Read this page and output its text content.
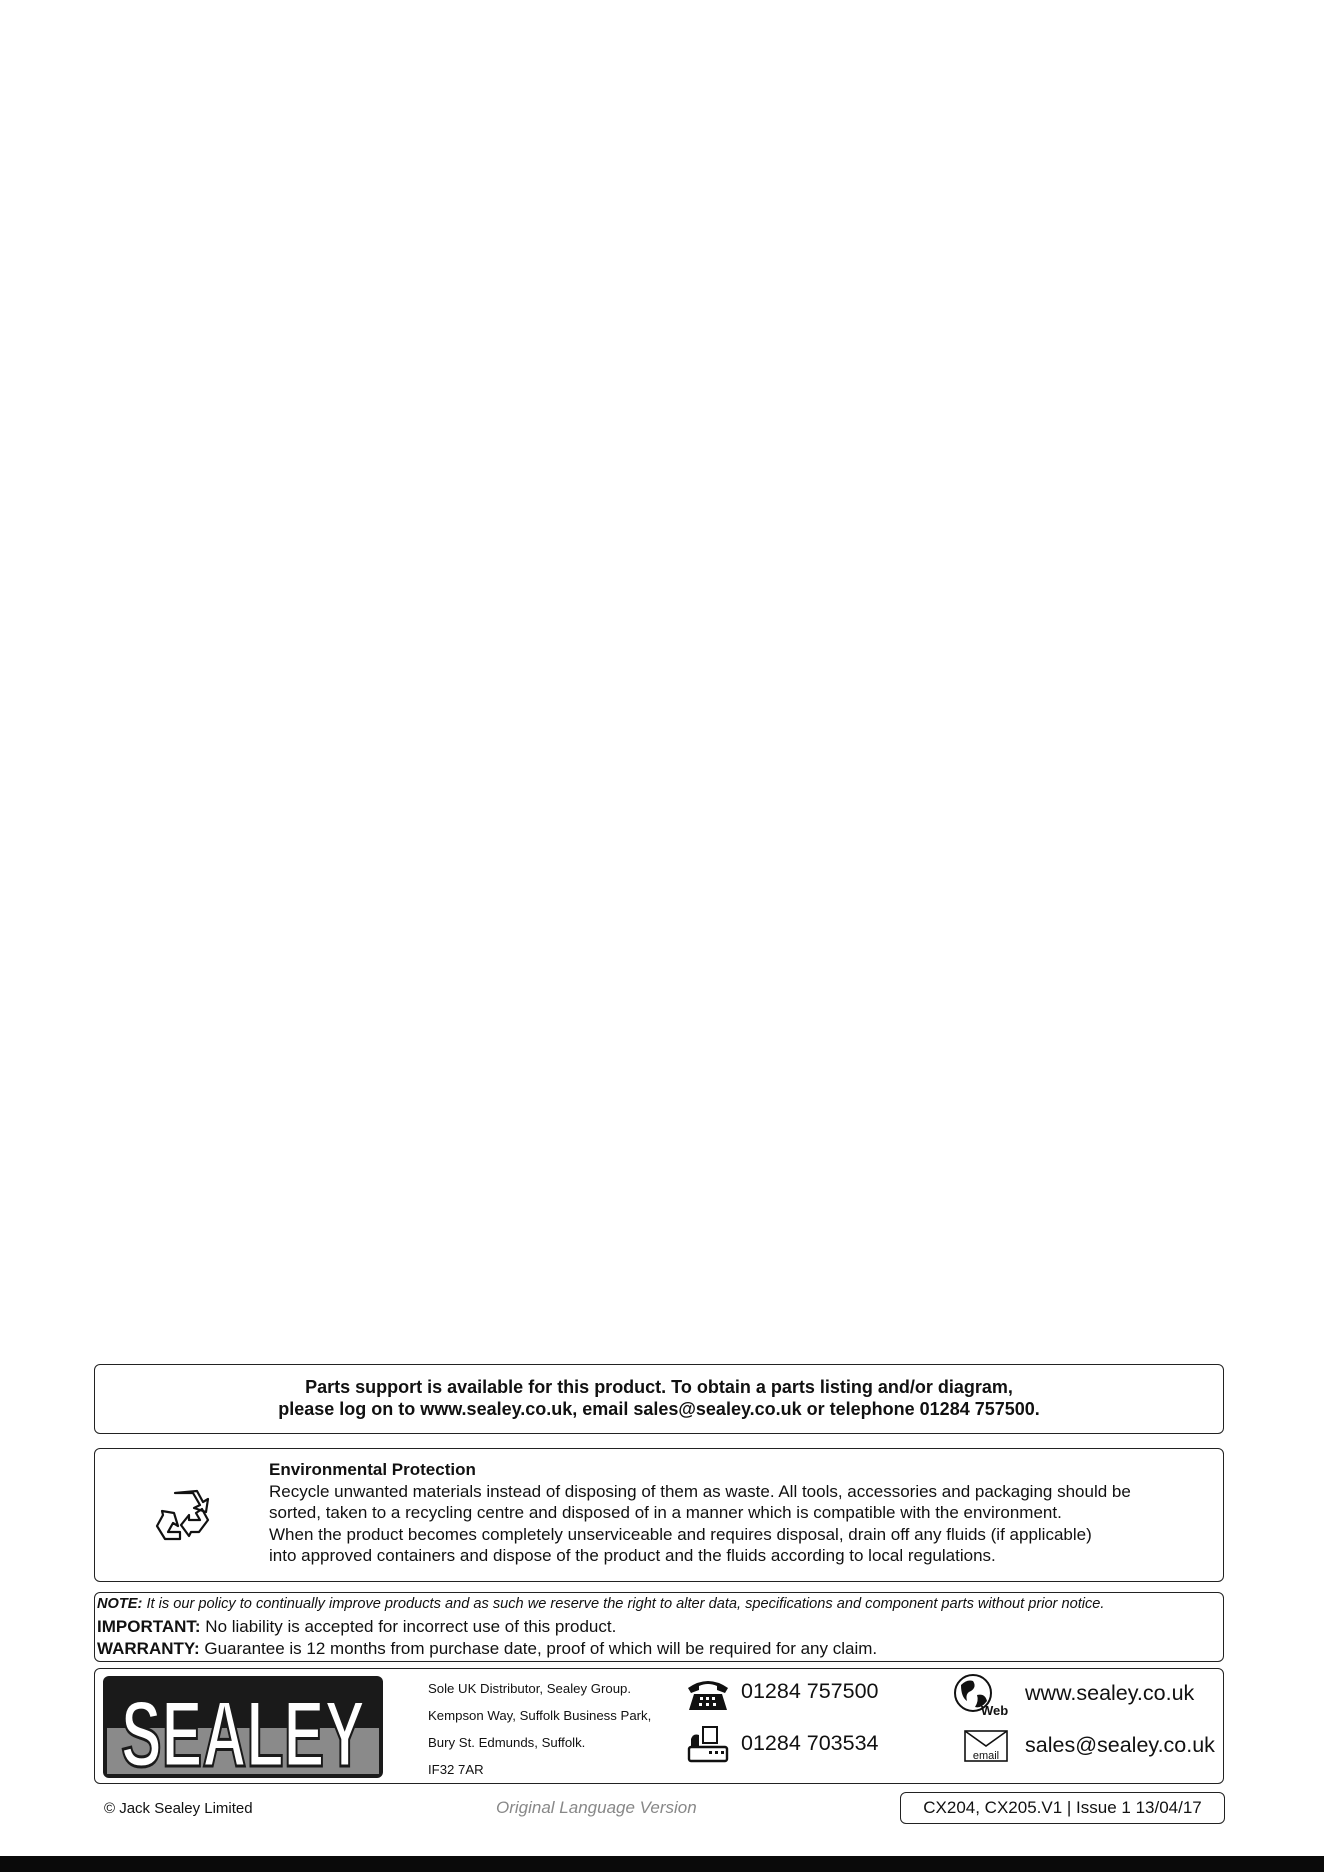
Parts support is available for this product. To obtain a parts listing and/or diagram,
please log on to www.sealey.co.uk, email sales@sealey.co.uk or telephone 01284 757500.
Environmental Protection
Recycle unwanted materials instead of disposing of them as waste. All tools, accessories and packaging should be
sorted, taken to a recycling centre and disposed of in a manner which is compatible with the environment.
When the product becomes completely unserviceable and requires disposal, drain off any fluids (if applicable)
into approved containers and dispose of the product and the fluids according to local regulations.
NOTE: It is our policy to continually improve products and as such we reserve the right to alter data, specifications and component parts without prior notice.
IMPORTANT: No liability is accepted for incorrect use of this product.
WARRANTY: Guarantee is 12 months from purchase date, proof of which will be required for any claim.
SEALEY	Sole UK Distributor, Sealey Group.
Kempson Way, Suffolk Business Park,
Bury St. Edmunds, Suffolk.
IF32 7AR
01284 757500
01284 703534
Web
www.sealey.co.uk
email sales@sealey.co.uk
© Jack Sealey Limited	Original Language Version	CX204, CX205.V1 | Issue 1 13/04/17
